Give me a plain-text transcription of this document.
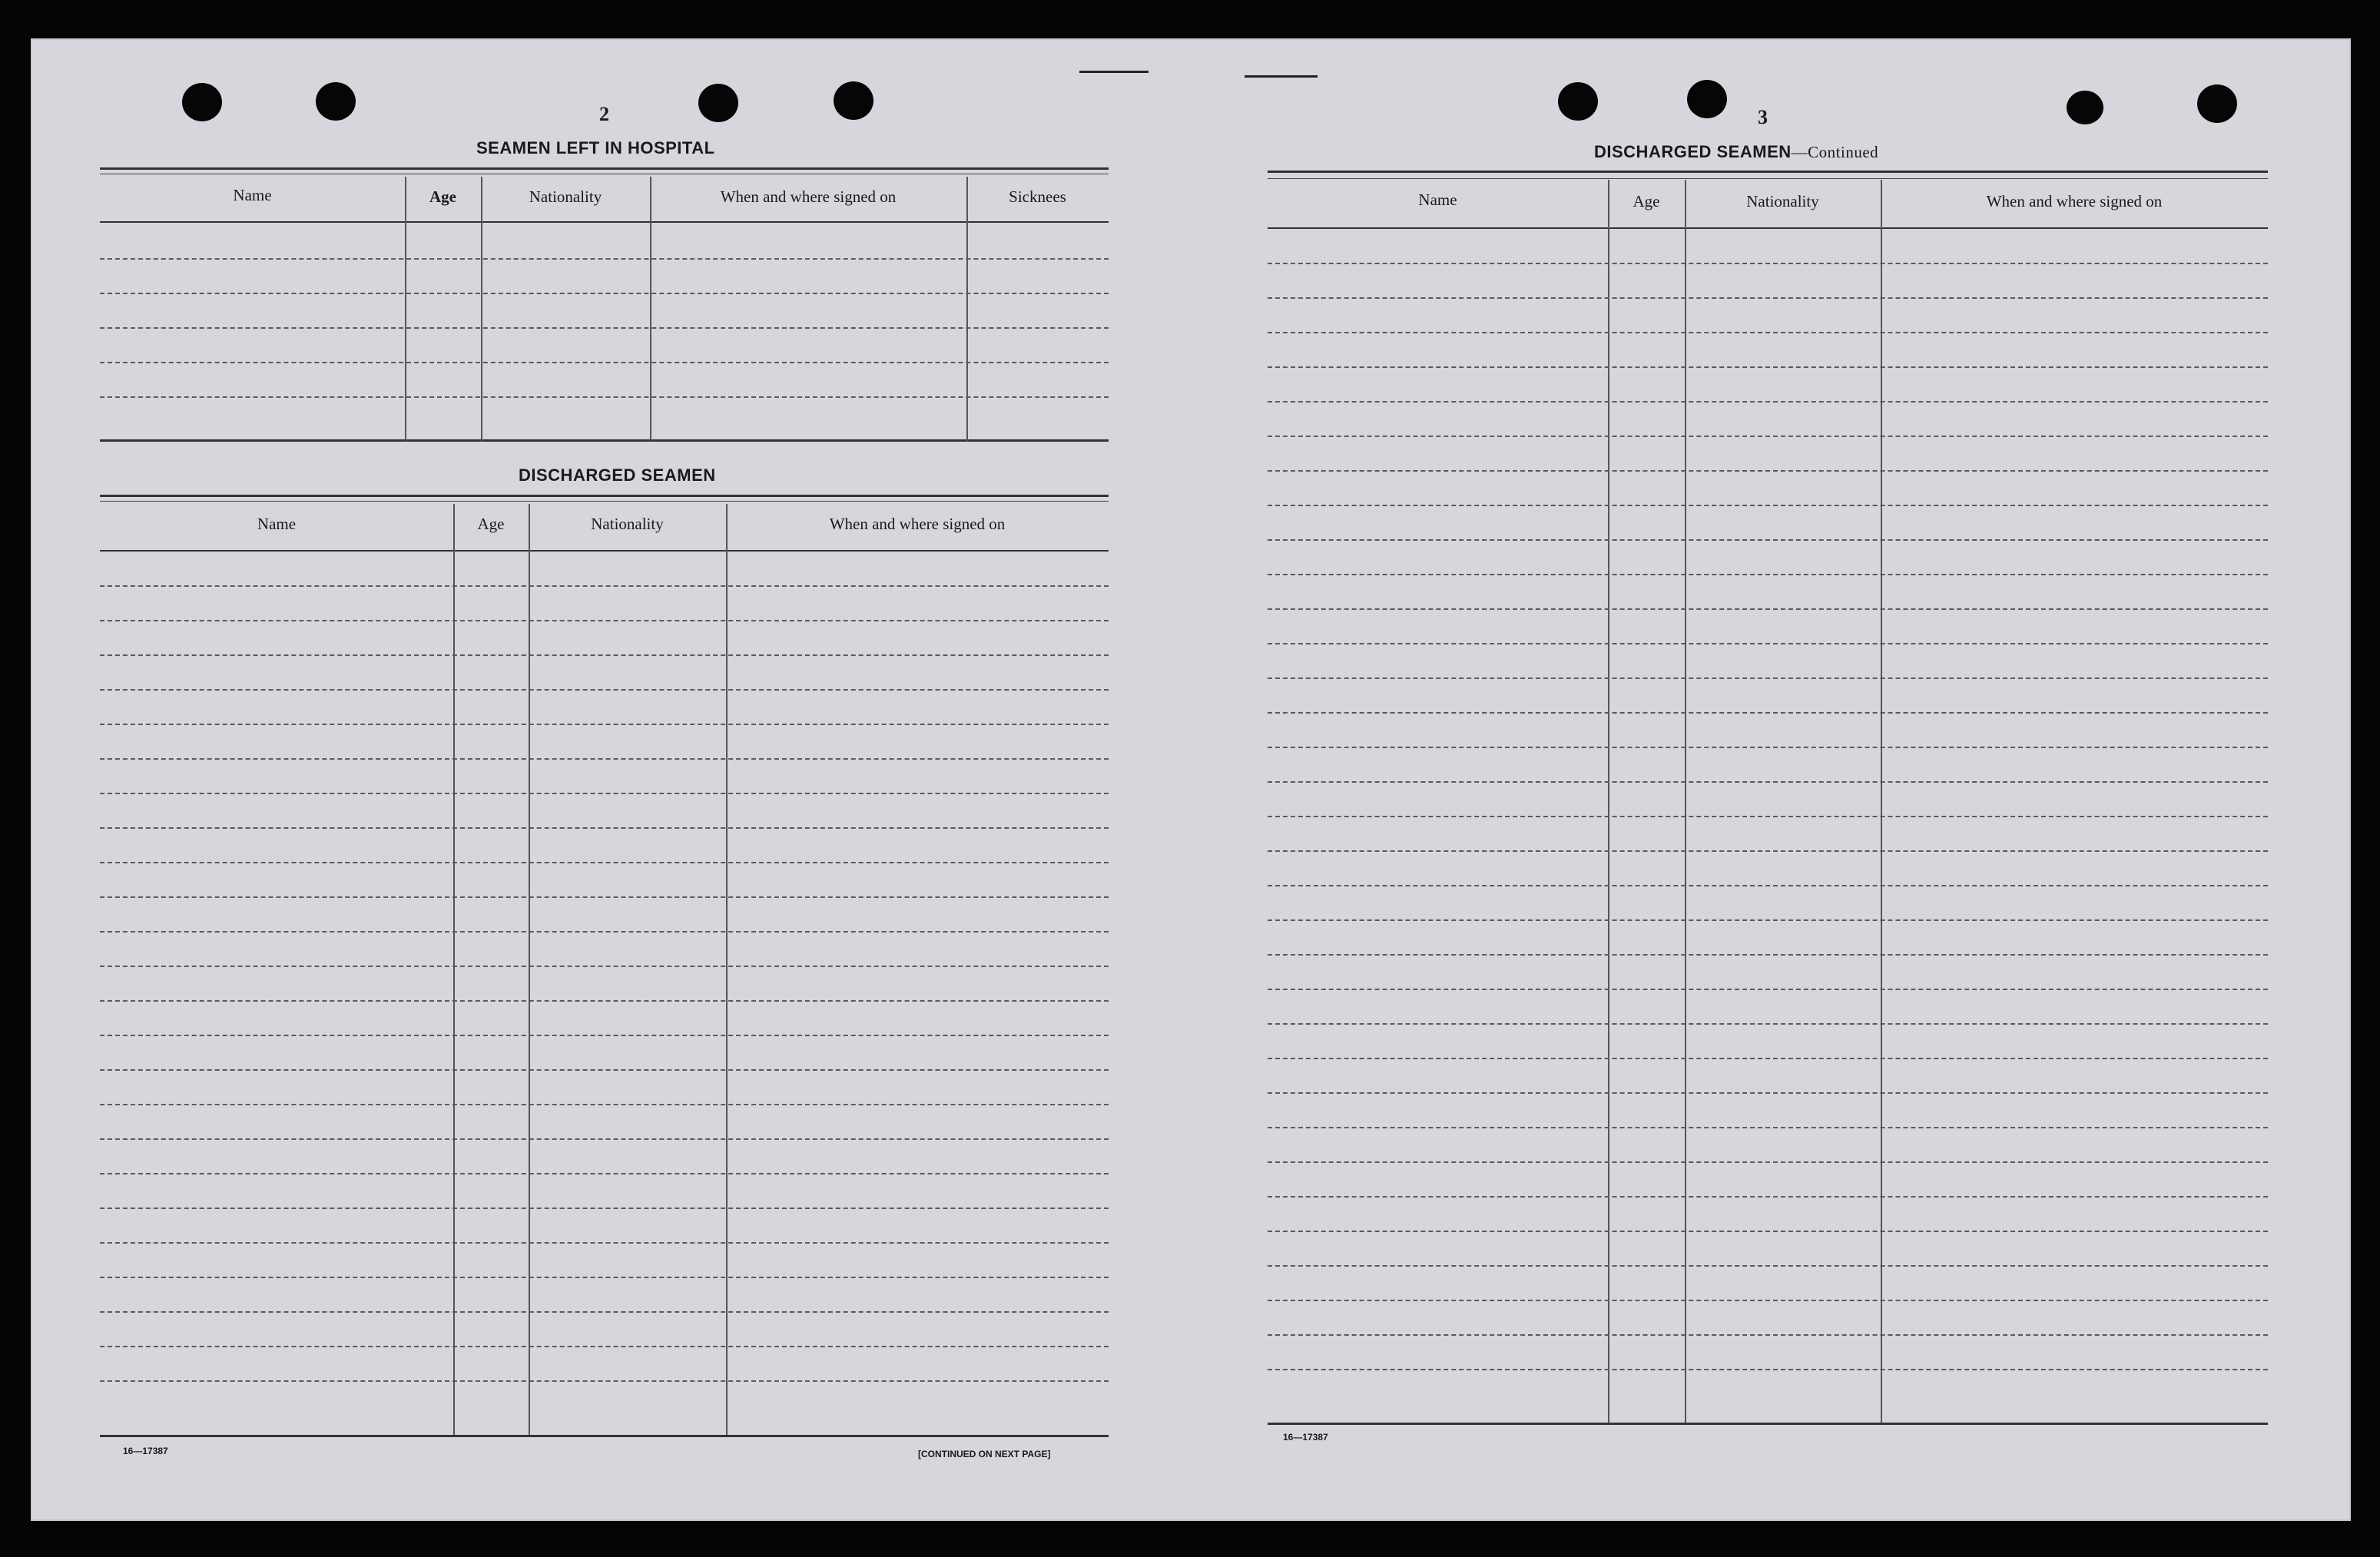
2
SEAMEN LEFT IN HOSPITAL
Name	Age	Nationality	When and where signed on	Sicknees
DISCHARGED SEAMEN
Name	Age	Nationality	When and where signed on
16—17387	[CONTINUED ON NEXT PAGE]
3
DISCHARGED SEAMEN—Continued
Name	Age	Nationality	When and where signed on
16—17387
